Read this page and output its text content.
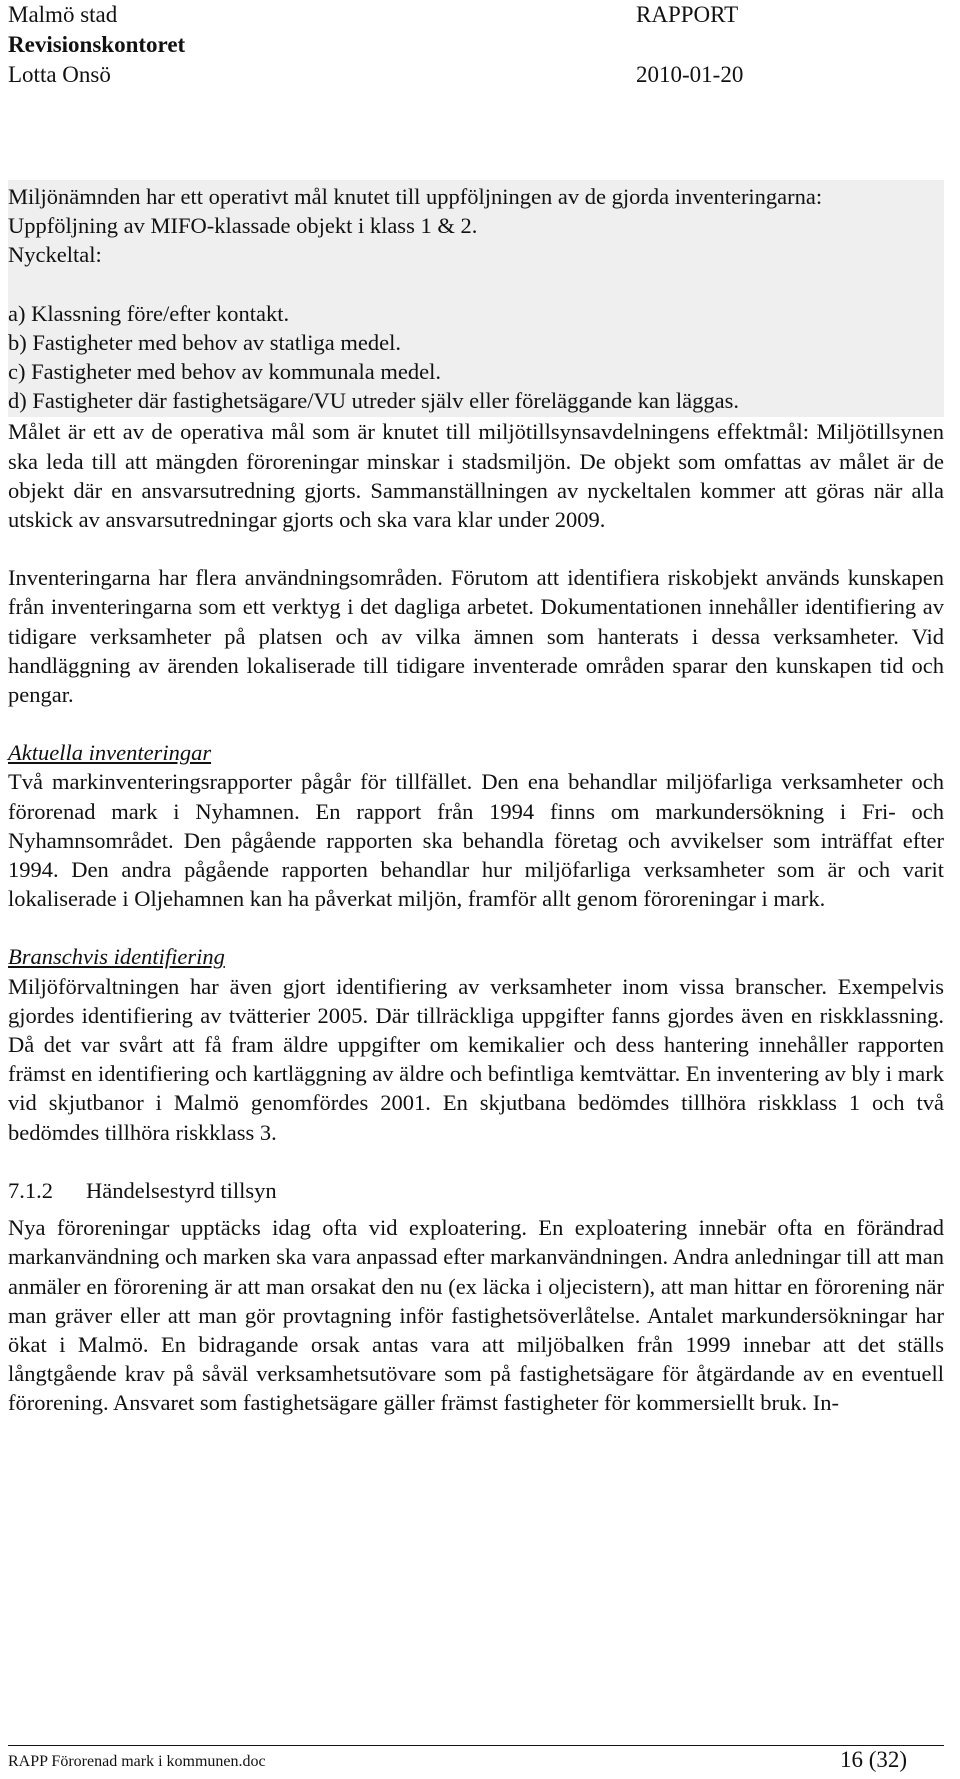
Malmö stad
Revisionskontoret
Lotta Onsö
RAPPORT

2010-01-20

Miljönämnden har ett operativt mål knutet till uppföljningen av de gjorda inventeringarna:

Uppföljning av MIFO-klassade objekt i klass 1 & 2.

Nyckeltal:

a) Klassning före/efter kontakt.

b) Fastigheter med behov av statliga medel.

c) Fastigheter med behov av kommunala medel.

d) Fastigheter där fastighetsägare/VU utreder själv eller föreläggande kan läggas.

Målet är ett av de operativa mål som är knutet till miljötillsynsavdelningens effektmål: Miljötillsynen ska leda till att mängden föroreningar minskar i stadsmiljön. De objekt som omfattas av målet är de objekt där en ansvarsutredning gjorts. Sammanställningen av nyckeltalen kommer att göras när alla utskick av ansvarsutredningar gjorts och ska vara klar under 2009.

Inventeringarna har flera användningsområden. Förutom att identifiera riskobjekt används kunskapen från inventeringarna som ett verktyg i det dagliga arbetet. Dokumentationen innehåller identifiering av tidigare verksamheter på platsen och av vilka ämnen som hanterats i dessa verksamheter. Vid handläggning av ärenden lokaliserade till tidigare inventerade områden sparar den kunskapen tid och pengar.

Aktuella inventeringar

Två markinventeringsrapporter pågår för tillfället. Den ena behandlar miljöfarliga verksamheter och förorenad mark i Nyhamnen. En rapport från 1994 finns om markundersökning i Fri- och Nyhamnsområdet. Den pågående rapporten ska behandla företag och avvikelser som inträffat efter 1994. Den andra pågående rapporten behandlar hur miljöfarliga verksamheter som är och varit lokaliserade i Oljehamnen kan ha påverkat miljön, framför allt genom föroreningar i mark.

Branschvis identifiering

Miljöförvaltningen har även gjort identifiering av verksamheter inom vissa branscher. Exempelvis gjordes identifiering av tvätterier 2005. Där tillräckliga uppgifter fanns gjordes även en riskklassning. Då det var svårt att få fram äldre uppgifter om kemikalier och dess hantering innehåller rapporten främst en identifiering och kartläggning av äldre och befintliga kemtvättar. En inventering av bly i mark vid skjutbanor i Malmö genomfördes 2001. En skjutbana bedömdes tillhöra riskklass 1 och två bedömdes tillhöra riskklass 3.

7.1.2 Händelsestyrd tillsyn

Nya föroreningar upptäcks idag ofta vid exploatering. En exploatering innebär ofta en förändrad markanvändning och marken ska vara anpassad efter markanvändningen. Andra anledningar till att man anmäler en förorening är att man orsakat den nu (ex läcka i oljecistern), att man hittar en förorening när man gräver eller att man gör provtagning inför fastighetsöverlåtelse. Antalet markundersökningar har ökat i Malmö. En bidragande orsak antas vara att miljöbalken från 1999 innebar att det ställs långtgående krav på såväl verksamhetsutövare som på fastighetsägare för åtgärdande av en eventuell förorening. Ansvaret som fastighetsägare gäller främst fastigheter för kommersiellt bruk. In-

RAPP Förorenad mark i kommunen.doc	16 (32)
